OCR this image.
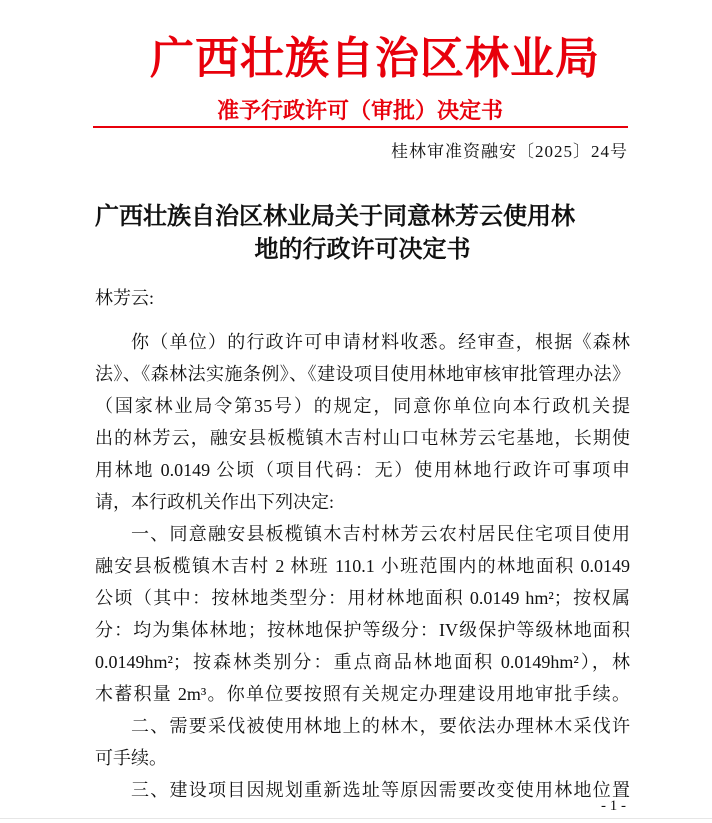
广西壮族自治区林业局
准予行政许可（审批）决定书
桂林审准资融安〔2025〕24号
广西壮族自治区林业局关于同意林芳云使用林
地的行政许可决定书
林芳云:
你（单位）的行政许可申请材料收悉。经审查，根据《森林
法》、《森林法实施条例》、《建设项目使用林地审核审批管理办法》
（国家林业局令第35号）的规定，同意你单位向本行政机关提
出的林芳云，融安县板榄镇木吉村山口屯林芳云宅基地，长期使
用林地 0.0149 公顷（项目代码：无）使用林地行政许可事项申
请，本行政机关作出下列决定:
一、同意融安县板榄镇木吉村林芳云农村居民住宅项目使用
融安县板榄镇木吉村 2 林班 110.1 小班范围内的林地面积 0.0149
公顷（其中：按林地类型分：用材林地面积 0.0149 hm²；按权属
分：均为集体林地；按林地保护等级分：IV级保护等级林地面积
0.0149hm²；按森林类别分：重点商品林地面积 0.0149hm²），林
木蓄积量 2m³。你单位要按照有关规定办理建设用地审批手续。
二、需要采伐被使用林地上的林木，要依法办理林木采伐许
可手续。
三、建设项目因规划重新选址等原因需要改变使用林地位置
- 1 -
